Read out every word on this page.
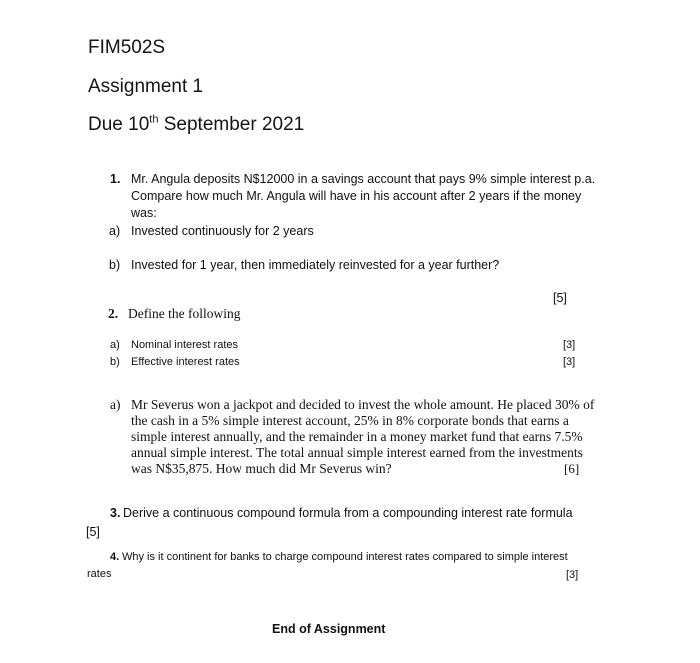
FIM502S
Assignment 1
Due 10th September 2021
1. Mr. Angula deposits N$12000 in a savings account that pays 9% simple interest p.a.
Compare how much Mr. Angula will have in his account after 2 years if the money
was:
a) Invested continuously for 2 years
b) Invested for 1 year, then immediately reinvested for a year further?
[5]
2. Define the following
a) Nominal interest rates	[3]
b) Effective interest rates	[3]
a) Mr Severus won a jackpot and decided to invest the whole amount. He placed 30% of
the cash in a 5% simple interest account, 25% in 8% corporate bonds that earns a
simple interest annually, and the remainder in a money market fund that earns 7.5%
annual simple interest. The total annual simple interest earned from the investments
was N$35,875. How much did Mr Severus win?	[6]
3. Derive a continuous compound formula from a compounding interest rate formula
[5]
4. Why is it continent for banks to charge compound interest rates compared to simple interest
rates	[3]
End of Assignment
